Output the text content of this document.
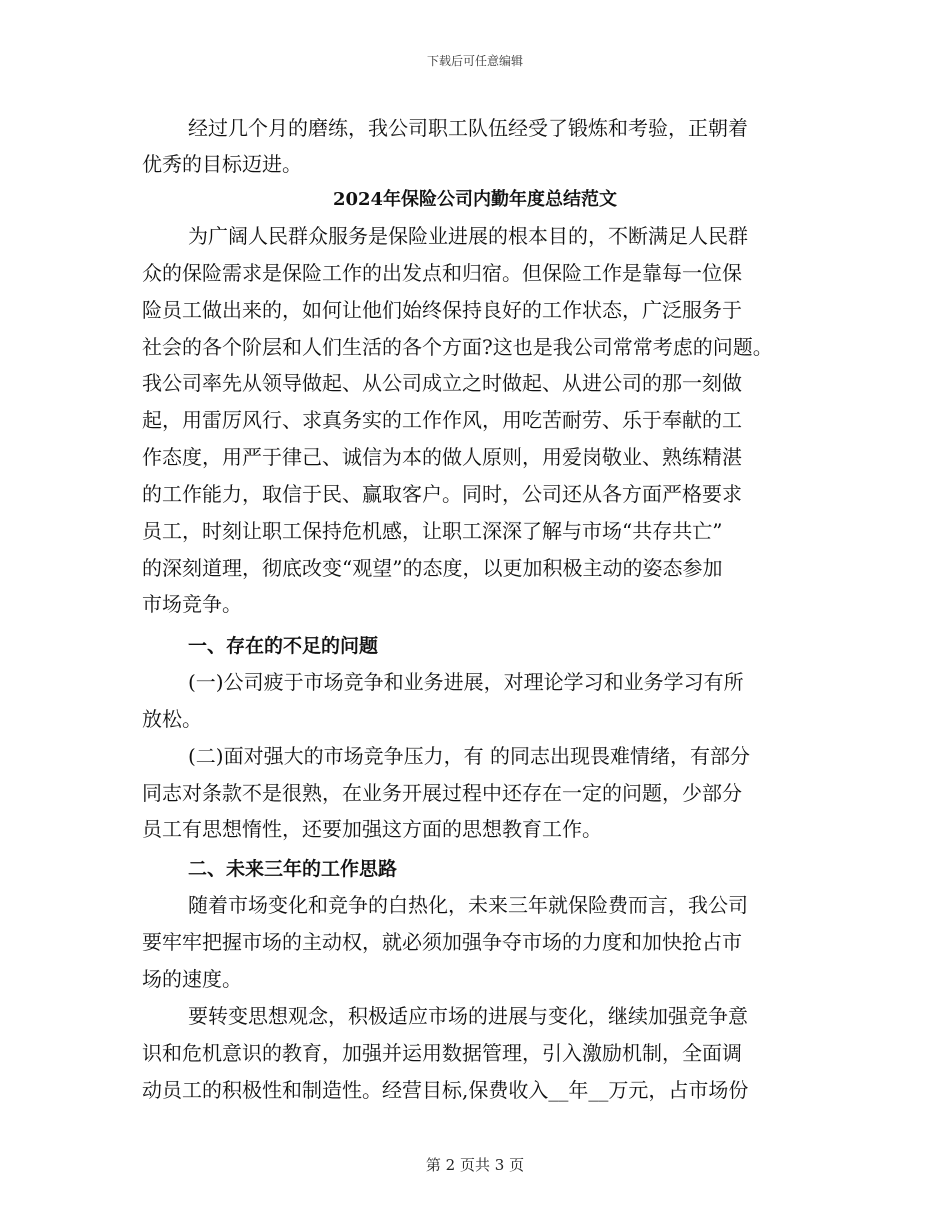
下载后可任意编辑
经过几个月的磨练，我公司职工队伍经受了锻炼和考验，正朝着
优秀的目标迈进。
2024年保险公司内勤年度总结范文
为广阔人民群众服务是保险业进展的根本目的，不断满足人民群
众的保险需求是保险工作的出发点和归宿。但保险工作是靠每一位保
险员工做出来的，如何让他们始终保持良好的工作状态，广泛服务于
社会的各个阶层和人们生活的各个方面?这也是我公司常常考虑的问题。
我公司率先从领导做起、从公司成立之时做起、从进公司的那一刻做
起，用雷厉风行、求真务实的工作作风，用吃苦耐劳、乐于奉献的工
作态度，用严于律己、诚信为本的做人原则，用爱岗敬业、熟练精湛
的工作能力，取信于民、赢取客户。同时，公司还从各方面严格要求
员工，时刻让职工保持危机感，让职工深深了解与市场“共存共亡”
的深刻道理，彻底改变“观望”的态度，以更加积极主动的姿态参加
市场竞争。
一、存在的不足的问题
(一)公司疲于市场竞争和业务进展，对理论学习和业务学习有所
放松。
(二)面对强大的市场竞争压力，有 的同志出现畏难情绪，有部分
同志对条款不是很熟，在业务开展过程中还存在一定的问题，少部分
员工有思想惰性，还要加强这方面的思想教育工作。
二、未来三年的工作思路
随着市场变化和竞争的白热化，未来三年就保险费而言，我公司
要牢牢把握市场的主动权，就必须加强争夺市场的力度和加快抢占市
场的速度。
要转变思想观念，积极适应市场的进展与变化，继续加强竞争意
识和危机意识的教育，加强并运用数据管理，引入激励机制，全面调
动员工的积极性和制造性。经营目标,保费收入__年__万元，占市场份
第 2 页共 3 页
